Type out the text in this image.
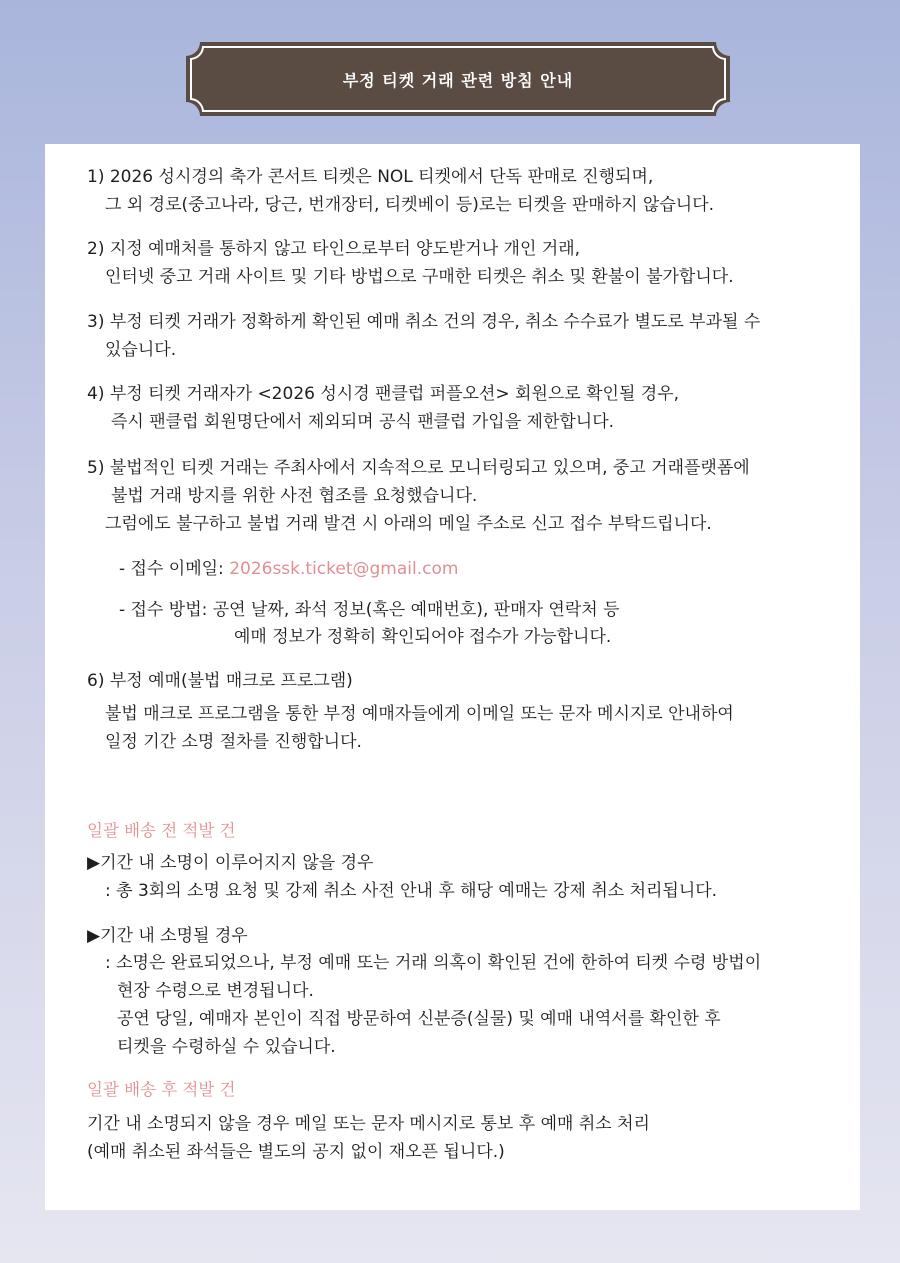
부정 티켓 거래 관련 방침 안내
1) 2026 성시경의 축가 콘서트 티켓은 NOL 티켓에서 단독 판매로 진행되며,
그 외 경로(중고나라, 당근, 번개장터, 티켓베이 등)로는 티켓을 판매하지 않습니다.
2) 지정 예매처를 통하지 않고 타인으로부터 양도받거나 개인 거래,
인터넷 중고 거래 사이트 및 기타 방법으로 구매한 티켓은 취소 및 환불이 불가합니다.
3) 부정 티켓 거래가 정확하게 확인된 예매 취소 건의 경우, 취소 수수료가 별도로 부과될 수
있습니다.
4) 부정 티켓 거래자가 <2026 성시경 팬클럽 퍼플오션> 회원으로 확인될 경우,
즉시 팬클럽 회원명단에서 제외되며 공식 팬클럽 가입을 제한합니다.
5) 불법적인 티켓 거래는 주최사에서 지속적으로 모니터링되고 있으며, 중고 거래플랫폼에
불법 거래 방지를 위한 사전 협조를 요청했습니다.
그럼에도 불구하고 불법 거래 발견 시 아래의 메일 주소로 신고 접수 부탁드립니다.
- 접수 이메일: 2026ssk.ticket@gmail.com
- 접수 방법: 공연 날짜, 좌석 정보(혹은 예매번호), 판매자 연락처 등
예매 정보가 정확히 확인되어야 접수가 가능합니다.
6) 부정 예매(불법 매크로 프로그램)
불법 매크로 프로그램을 통한 부정 예매자들에게 이메일 또는 문자 메시지로 안내하여
일정 기간 소명 절차를 진행합니다.
일괄 배송 전 적발 건
▶기간 내 소명이 이루어지지 않을 경우
: 총 3회의 소명 요청 및 강제 취소 사전 안내 후 해당 예매는 강제 취소 처리됩니다.
▶기간 내 소명될 경우
: 소명은 완료되었으나, 부정 예매 또는 거래 의혹이 확인된 건에 한하여 티켓 수령 방법이
현장 수령으로 변경됩니다.
공연 당일, 예매자 본인이 직접 방문하여 신분증(실물) 및 예매 내역서를 확인한 후
티켓을 수령하실 수 있습니다.
일괄 배송 후 적발 건
기간 내 소명되지 않을 경우 메일 또는 문자 메시지로 통보 후 예매 취소 처리
(예매 취소된 좌석들은 별도의 공지 없이 재오픈 됩니다.)
